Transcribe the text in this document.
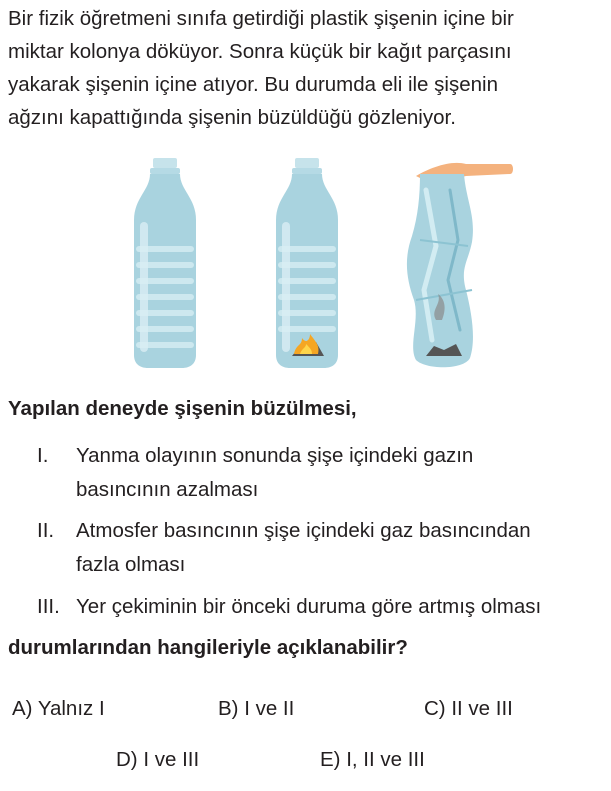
Bir fizik öğretmeni sınıfa getirdiği plastik şişenin içine bir

miktar kolonya döküyor. Sonra küçük bir kağıt parçasını

yakarak şişenin içine atıyor. Bu durumda eli ile şişenin

ağzını kapattığında şişenin büzüldüğü gözleniyor.

Yapılan deneyde şişenin büzülmesi,

I. Yanma olayının sonunda şişe içindeki gazın
basıncının azalması
II. Atmosfer basıncının şişe içindeki gaz basıncından
fazla olması
III. Yer çekiminin bir önceki duruma göre artmış olması

durumlarından hangileriyle açıklanabilir?

A) Yalnız I	B) I ve II	C) II ve III
D) I ve III	E) I, II ve III
